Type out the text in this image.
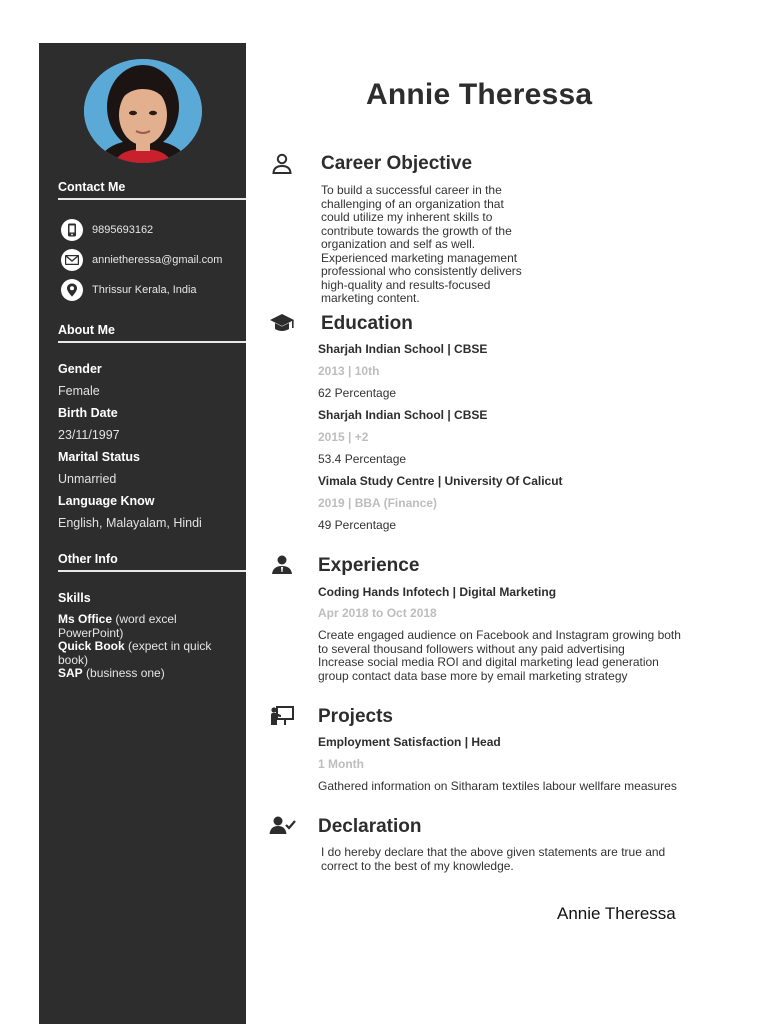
Contact Me
9895693162
annietheressa@gmail.com
Thrissur Kerala, India
About Me
Gender
Female
Birth Date
23/11/1997
Marital Status
Unmarried
Language Know
English, Malayalam, Hindi
Other Info
Skills
Ms Office (word excel PowerPoint)
Quick Book (expect in quick book)
SAP (business one)
Annie Theressa
Career Objective
To build a successful career in the
challenging of an organization that
could utilize my inherent skills to
contribute towards the growth of the
organization and self as well.
Experienced marketing management
professional who consistently delivers
high-quality and results-focused
marketing content.
Education
Sharjah Indian School | CBSE
2013 | 10th
62 Percentage
Sharjah Indian School | CBSE
2015 | +2
53.4 Percentage
Vimala Study Centre | University Of Calicut
2019 | BBA (Finance)
49 Percentage
Experience
Coding Hands Infotech | Digital Marketing
Apr 2018 to Oct 2018
Create engaged audience on Facebook and Instagram growing both
to several thousand followers without any paid advertising
Increase social media ROI and digital marketing lead generation
group contact data base more by email marketing strategy
Projects
Employment Satisfaction | Head
1 Month
Gathered information on Sitharam textiles labour wellfare measures
Declaration
I do hereby declare that the above given statements are true and
correct to the best of my knowledge.
Annie Theressa
